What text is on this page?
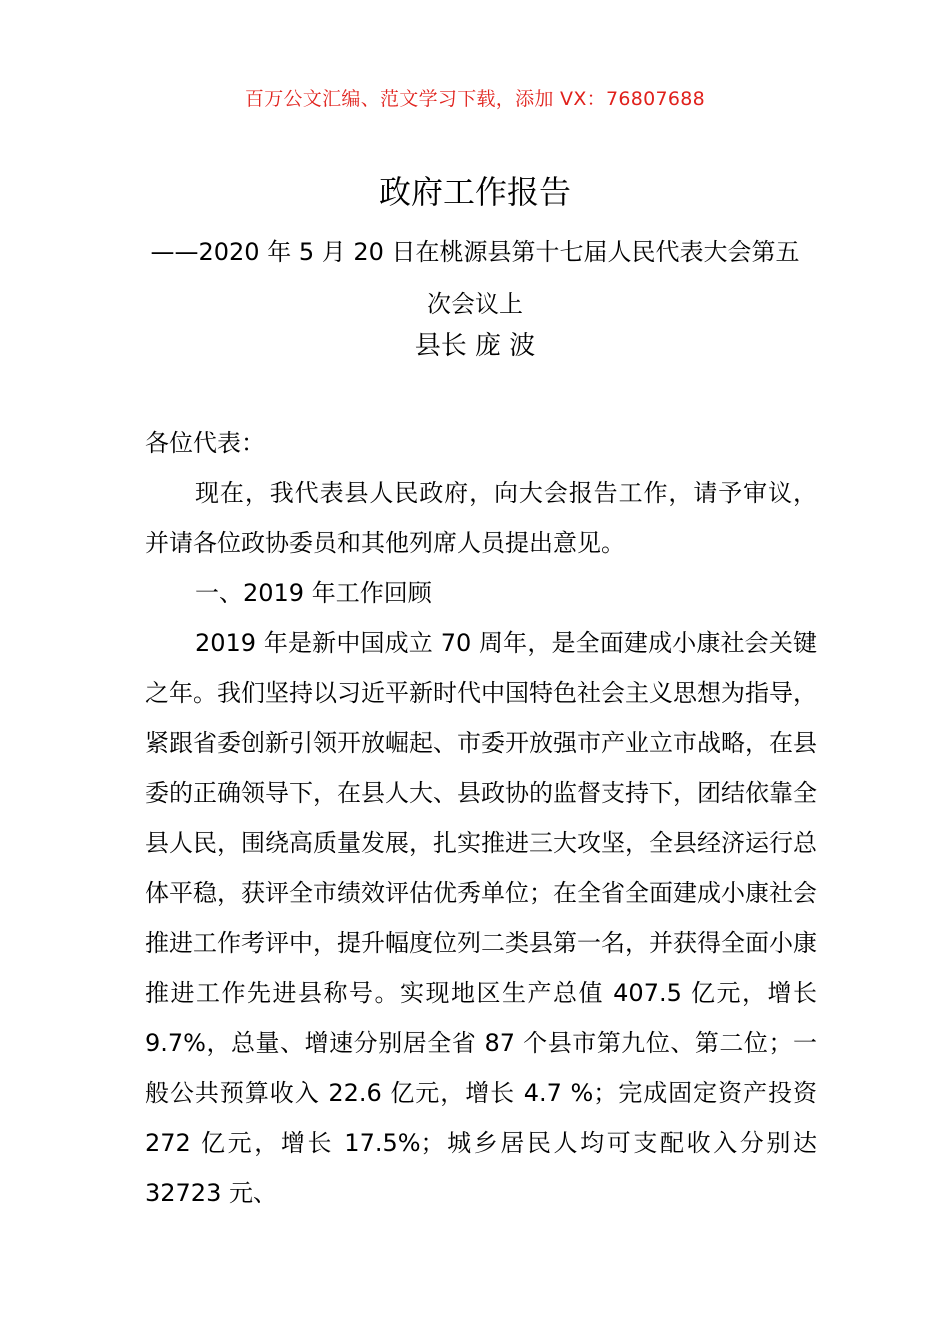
百万公文汇编、范文学习下载，添加 VX：76807688
政府工作报告
——2020 年 5 月 20 日在桃源县第十七届人民代表大会第五次会议上
县长 庞 波

各位代表：

现在，我代表县人民政府，向大会报告工作，请予审议，并请各位政协委员和其他列席人员提出意见。

一、2019 年工作回顾

2019 年是新中国成立 70 周年，是全面建成小康社会关键之年。我们坚持以习近平新时代中国特色社会主义思想为指导，紧跟省委创新引领开放崛起、市委开放强市产业立市战略，在县委的正确领导下，在县人大、县政协的监督支持下，团结依靠全县人民，围绕高质量发展，扎实推进三大攻坚，全县经济运行总体平稳，获评全市绩效评估优秀单位；在全省全面建成小康社会推进工作考评中，提升幅度位列二类县第一名，并获得全面小康推进工作先进县称号。实现地区生产总值 407.5 亿元，增长 9.7%，总量、增速分别居全省 87 个县市第九位、第二位；一般公共预算收入 22.6 亿元，增长 4.7 %；完成固定资产投资 272 亿元，增长 17.5%；城乡居民人均可支配收入分别达 32723 元、
